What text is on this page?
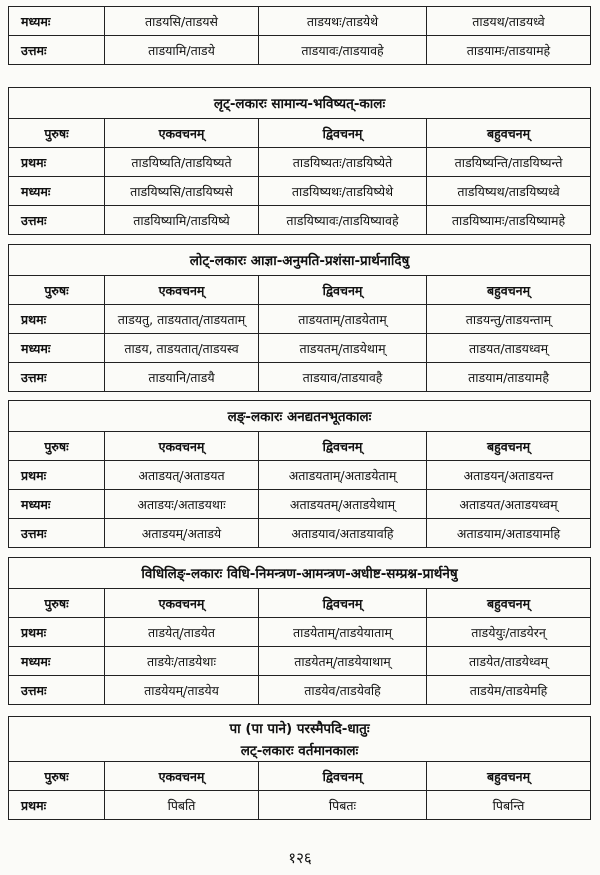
मध्यमः	ताडयसि/ताडयसे	ताडयथः/ताडयेथे	ताडयथ/ताडयध्वे
उत्तमः	ताडयामि/ताडये	ताडयावः/ताडयावहे	ताडयामः/ताडयामहे
लृट्-लकारः सामान्य-भविष्यत्-कालः			
पुरुषः	एकवचनम्	द्विवचनम्	बहुवचनम्
प्रथमः	ताडयिष्यति/ताडयिष्यते	ताडयिष्यतः/ताडयिष्येते	ताडयिष्यन्ति/ताडयिष्यन्ते
मध्यमः	ताडयिष्यसि/ताडयिष्यसे	ताडयिष्यथः/ताडयिष्येथे	ताडयिष्यथ/ताडयिष्यध्वे
उत्तमः	ताडयिष्यामि/ताडयिष्ये	ताडयिष्यावः/ताडयिष्यावहे	ताडयिष्यामः/ताडयिष्यामहे
लोट्-लकारः आज्ञा-अनुमति-प्रशंसा-प्रार्थनादिषु			
पुरुषः	एकवचनम्	द्विवचनम्	बहुवचनम्
प्रथमः	ताडयतु, ताडयतात्/ताडयताम्	ताडयताम्/ताडयेताम्	ताडयन्तु/ताडयन्ताम्
मध्यमः	ताडय, ताडयतात्/ताडयस्व	ताडयतम्/ताडयेथाम्	ताडयत/ताडयध्वम्
उत्तमः	ताडयानि/ताडयै	ताडयाव/ताडयावहै	ताडयाम/ताडयामहै
लङ्-लकारः अनद्यतनभूतकालः			
पुरुषः	एकवचनम्	द्विवचनम्	बहुवचनम्
प्रथमः	अताडयत्/अताडयत	अताडयताम्/अताडयेताम्	अताडयन्/अताडयन्त
मध्यमः	अताडयः/अताडयथाः	अताडयतम्/अताडयेथाम्	अताडयत/अताडयध्वम्
उत्तमः	अताडयम्/अताडये	अताडयाव/अताडयावहि	अताडयाम/अताडयामहि
विधिलिङ्-लकारः विधि-निमन्त्रण-आमन्त्रण-अधीष्ट-सम्प्रश्न-प्रार्थनेषु			
पुरुषः	एकवचनम्	द्विवचनम्	बहुवचनम्
प्रथमः	ताडयेत्/ताडयेत	ताडयेताम्/ताडयेयाताम्	ताडयेयुः/ताडयेरन्
मध्यमः	ताडयेः/ताडयेथाः	ताडयेतम्/ताडयेयाथाम्	ताडयेत/ताडयेध्वम्
उत्तमः	ताडयेयम्/ताडयेय	ताडयेव/ताडयेवहि	ताडयेम/ताडयेमहि
पा (पा पाने) परस्मैपदि-धातुः			
लट्-लकारः वर्तमानकालः			
पुरुषः	एकवचनम्	द्विवचनम्	बहुवचनम्
प्रथमः	पिबति	पिबतः	पिबन्ति
१२६
